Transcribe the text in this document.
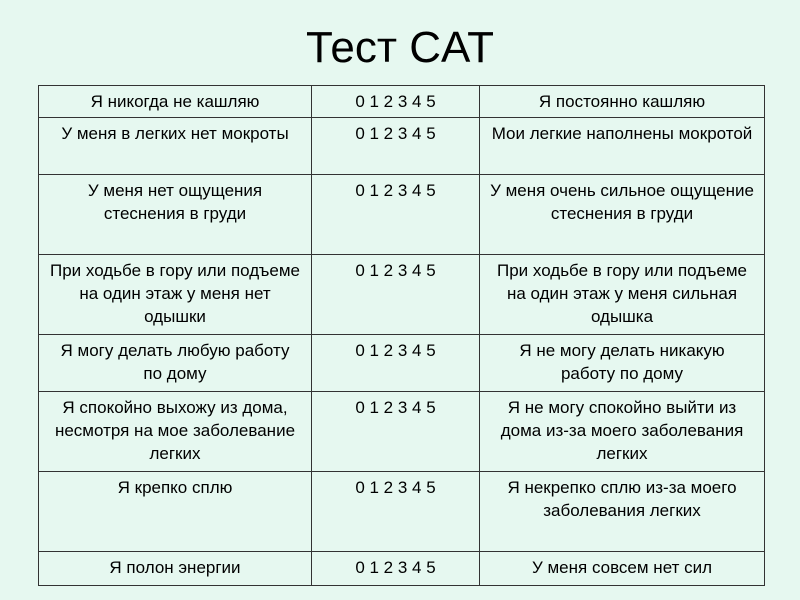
Тест CAT
Я никогда не кашляю	0 1 2 3 4 5	Я постоянно кашляю
У меня в легких нет мокроты	0 1 2 3 4 5	Мои легкие наполнены мокротой
У меня нет ощущения стеснения в груди	0 1 2 3 4 5	У меня очень сильное ощущение стеснения в груди
При ходьбе в гору или подъеме на один этаж у меня нет одышки	0 1 2 3 4 5	При ходьбе в гору или подъеме на один этаж у меня сильная одышка
Я могу делать любую работу по дому	0 1 2 3 4 5	Я не могу делать никакую работу по дому
Я спокойно выхожу из дома, несмотря на мое заболевание легких	0 1 2 3 4 5	Я не могу спокойно выйти из дома из-за моего заболевания легких
Я крепко сплю	0 1 2 3 4 5	Я некрепко сплю из-за моего заболевания легких
Я полон энергии	0 1 2 3 4 5	У меня совсем нет сил
